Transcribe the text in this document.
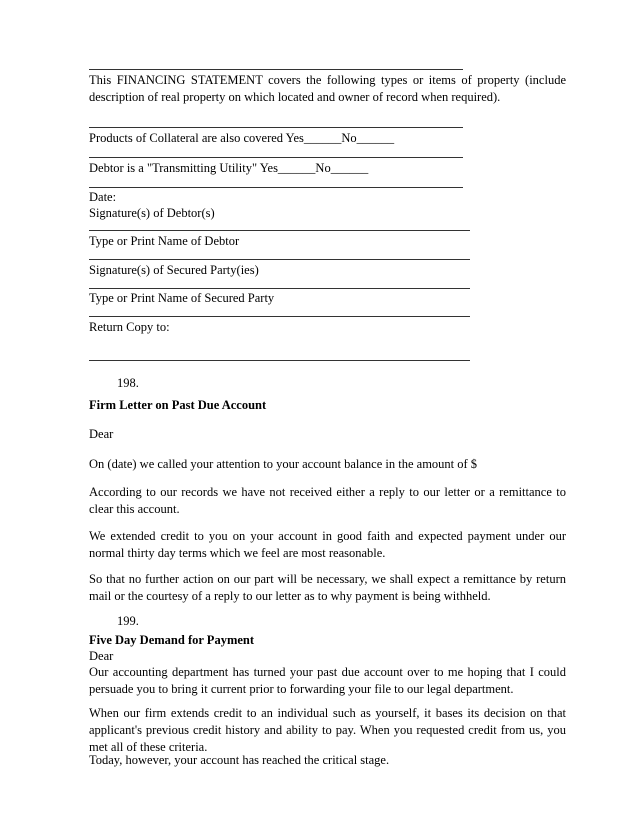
This FINANCING STATEMENT covers the following types or items of property (include description of real property on which located and owner of record when required).
Products of Collateral are also covered Yes______No______
Debtor is a "Transmitting Utility" Yes______No______
Date:
Signature(s) of Debtor(s)
Type or Print Name of Debtor
Signature(s) of Secured Party(ies)
Type or Print Name of Secured Party
Return Copy to:
198.
Firm Letter on Past Due Account
Dear
On (date) we called your attention to your account balance in the amount of $
According to our records we have not received either a reply to our letter or a remittance to clear this account.
We extended credit to you on your account in good faith and expected payment under our normal thirty day terms which we feel are most reasonable.
So that no further action on our part will be necessary, we shall expect a remittance by return mail or the courtesy of a reply to our letter as to why payment is being withheld.
199.
Five Day Demand for Payment
Dear
Our accounting department has turned your past due account over to me hoping that I could persuade you to bring it current prior to forwarding your file to our legal department.
When our firm extends credit to an individual such as yourself, it bases its decision on that applicant's previous credit history and ability to pay. When you requested credit from us, you met all of these criteria.
Today, however, your account has reached the critical stage.
